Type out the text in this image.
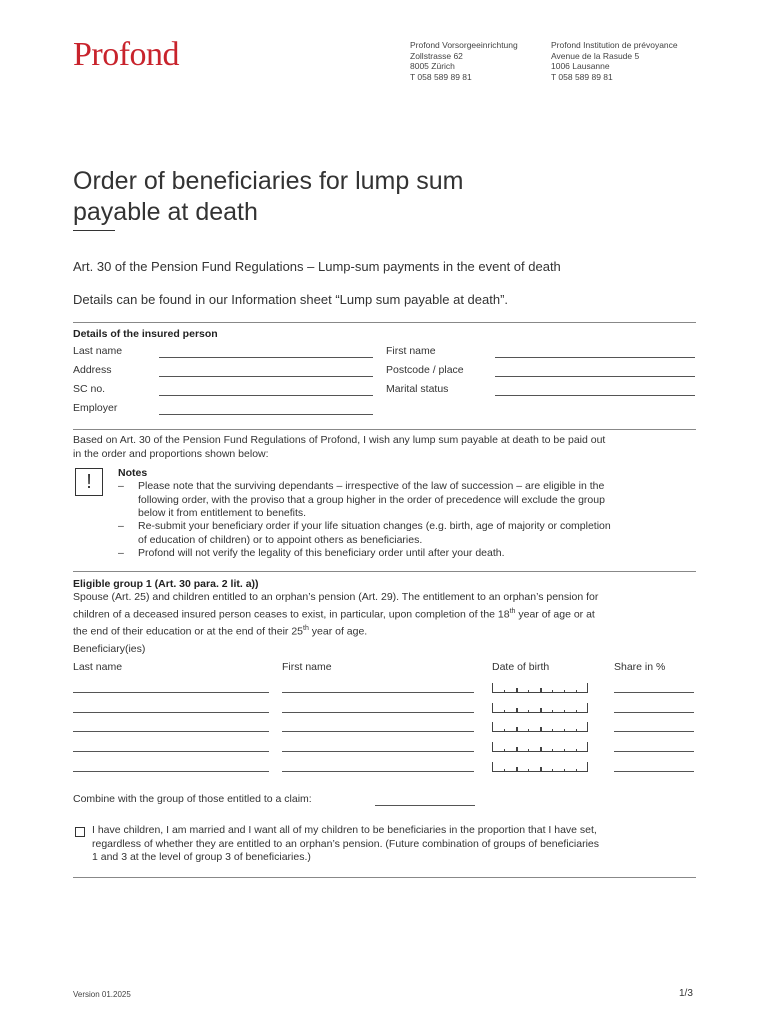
Profond	Profond Vorsorgeeinrichtung
Zollstrasse 62
8005 Zürich
T 058 589 89 81
Profond Institution de prévoyance
Avenue de la Rasude 5
1006 Lausanne
T 058 589 89 81
Order of beneficiaries for lump sum
payable at death
Art. 30 of the Pension Fund Regulations – Lump-sum payments in the event of death
Details can be found in our Information sheet “Lump sum payable at death”.
Details of the insured person
Last name	First name
Address	Postcode / place
SC no.	Marital status
Employer
Based on Art. 30 of the Pension Fund Regulations of Profond, I wish any lump sum payable at death to be paid out
in the order and proportions shown below:
!	Notes
– Please note that the surviving dependants – irrespective of the law of succession – are eligible in the
following order, with the proviso that a group higher in the order of precedence will exclude the group
below it from entitlement to benefits.
– Re-submit your beneficiary order if your life situation changes (e.g. birth, age of majority or completion
of education of children) or to appoint others as beneficiaries.
– Profond will not verify the legality of this beneficiary order until after your death.
Eligible group 1 (Art. 30 para. 2 lit. a))
Spouse (Art. 25) and children entitled to an orphan’s pension (Art. 29). The entitlement to an orphan’s pension for
children of a deceased insured person ceases to exist, in particular, upon completion of the 18th year of age or at
the end of their education or at the end of their 25th year of age.
Beneficiary(ies)
Last name	First name	Date of birth	Share in %
Combine with the group of those entitled to a claim:
I have children, I am married and I want all of my children to be beneficiaries in the proportion that I have set,
regardless of whether they are entitled to an orphan’s pension. (Future combination of groups of beneficiaries
1 and 3 at the level of group 3 of beneficiaries.)
Version 01.2025	1/3
